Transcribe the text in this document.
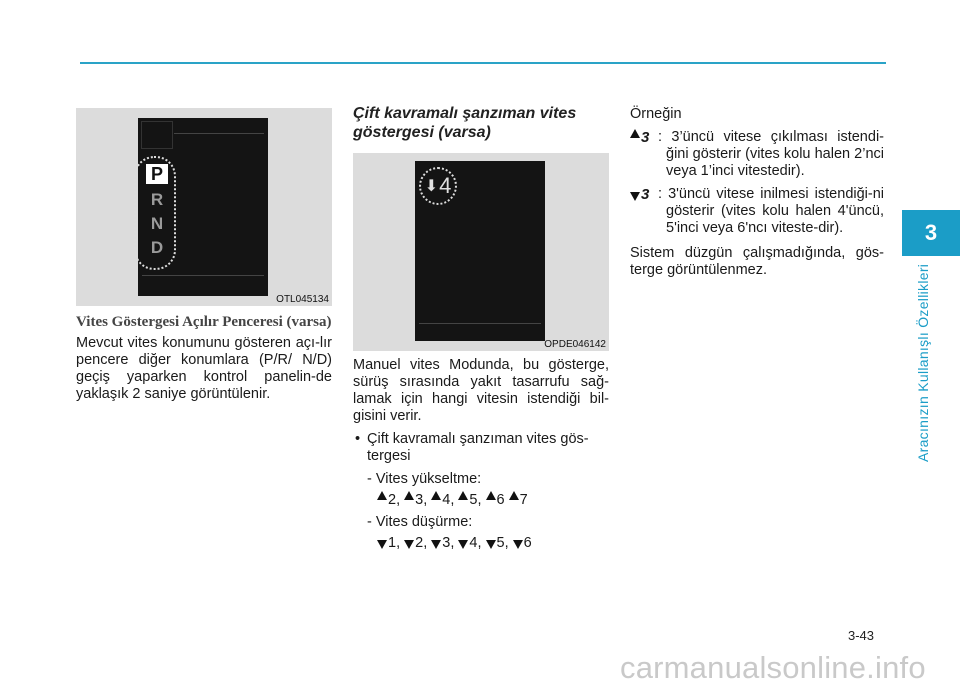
3
Aracınızın Kullanışlı Özellikleri
P
R
N
D
OTL045134

Vites Göstergesi Açılır Penceresi (varsa)

Mevcut vites konumunu gösteren açı-lır pencere diğer konumlara (P/R/ N/D) geçiş yaparken kontrol panelin-de yaklaşık 2 saniye görüntülenir.

Çift kavramalı şanzıman vites

göstergesi (varsa)

⬇ 4
OPDE046142

Manuel vites Modunda, bu gösterge, sürüş sırasında yakıt tasarrufu sağ-lamak için hangi vitesin istendiği bil-gisini verir.

• Çift kavramalı şanzıman vites gös-tergesi
- Vites yükseltme:
2, 3, 4, 5, 6 7
- Vites düşürme:
1, 2, 3, 4, 5, 6

Örneğin

3 : 3’üncü vitese çıkılması istendi-ğini gösterir (vites kolu halen 2’nci veya 1’inci vitestedir).

3 : 3'üncü vitese inilmesi istendiği-ni gösterir (vites kolu halen 4'üncü, 5'inci veya 6'ncı viteste-dir).

Sistem düzgün çalışmadığında, gös-terge görüntülenmez.

3-43
carmanualsonline.info
